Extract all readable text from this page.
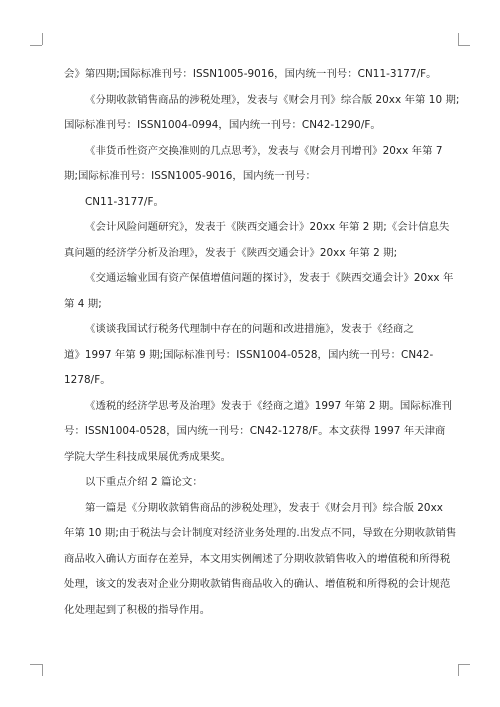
会》第四期;国际标准刊号：ISSN1005-9016，国内统一刊号：CN11-3177/F。
《分期收款销售商品的涉税处理》，发表与《财会月刊》综合版 20xx 年第 10 期;
国际标准刊号：ISSN1004-0994，国内统一刊号：CN42-1290/F。
《非货币性资产交换准则的几点思考》，发表与《财会月刊增刊》20xx 年第 7
期;国际标准刊号：ISSN1005-9016，国内统一刊号：
CN11-3177/F。
《会计风险问题研究》，发表于《陕西交通会计》20xx 年第 2 期;《会计信息失
真问题的经济学分析及治理》，发表于《陕西交通会计》20xx 年第 2 期;
《交通运输业国有资产保值增值问题的探讨》，发表于《陕西交通会计》20xx 年
第 4 期;
《谈谈我国试行税务代理制中存在的问题和改进措施》，发表于《经商之
道》1997 年第 9 期;国际标准刊号：ISSN1004-0528，国内统一刊号：CN42-
1278/F。
《透税的经济学思考及治理》发表于《经商之道》1997 年第 2 期。国际标准刊
号：ISSN1004-0528，国内统一刊号：CN42-1278/F。本文获得 1997 年天津商
学院大学生科技成果展优秀成果奖。
以下重点介绍 2 篇论文：
第一篇是《分期收款销售商品的涉税处理》，发表于《财会月刊》综合版 20xx
年第 10 期;由于税法与会计制度对经济业务处理的.出发点不同，导致在分期收款销售
商品收入确认方面存在差异，本文用实例阐述了分期收款销售收入的增值税和所得税
处理，该文的发表对企业分期收款销售商品收入的确认、增值税和所得税的会计规范
化处理起到了积极的指导作用。
